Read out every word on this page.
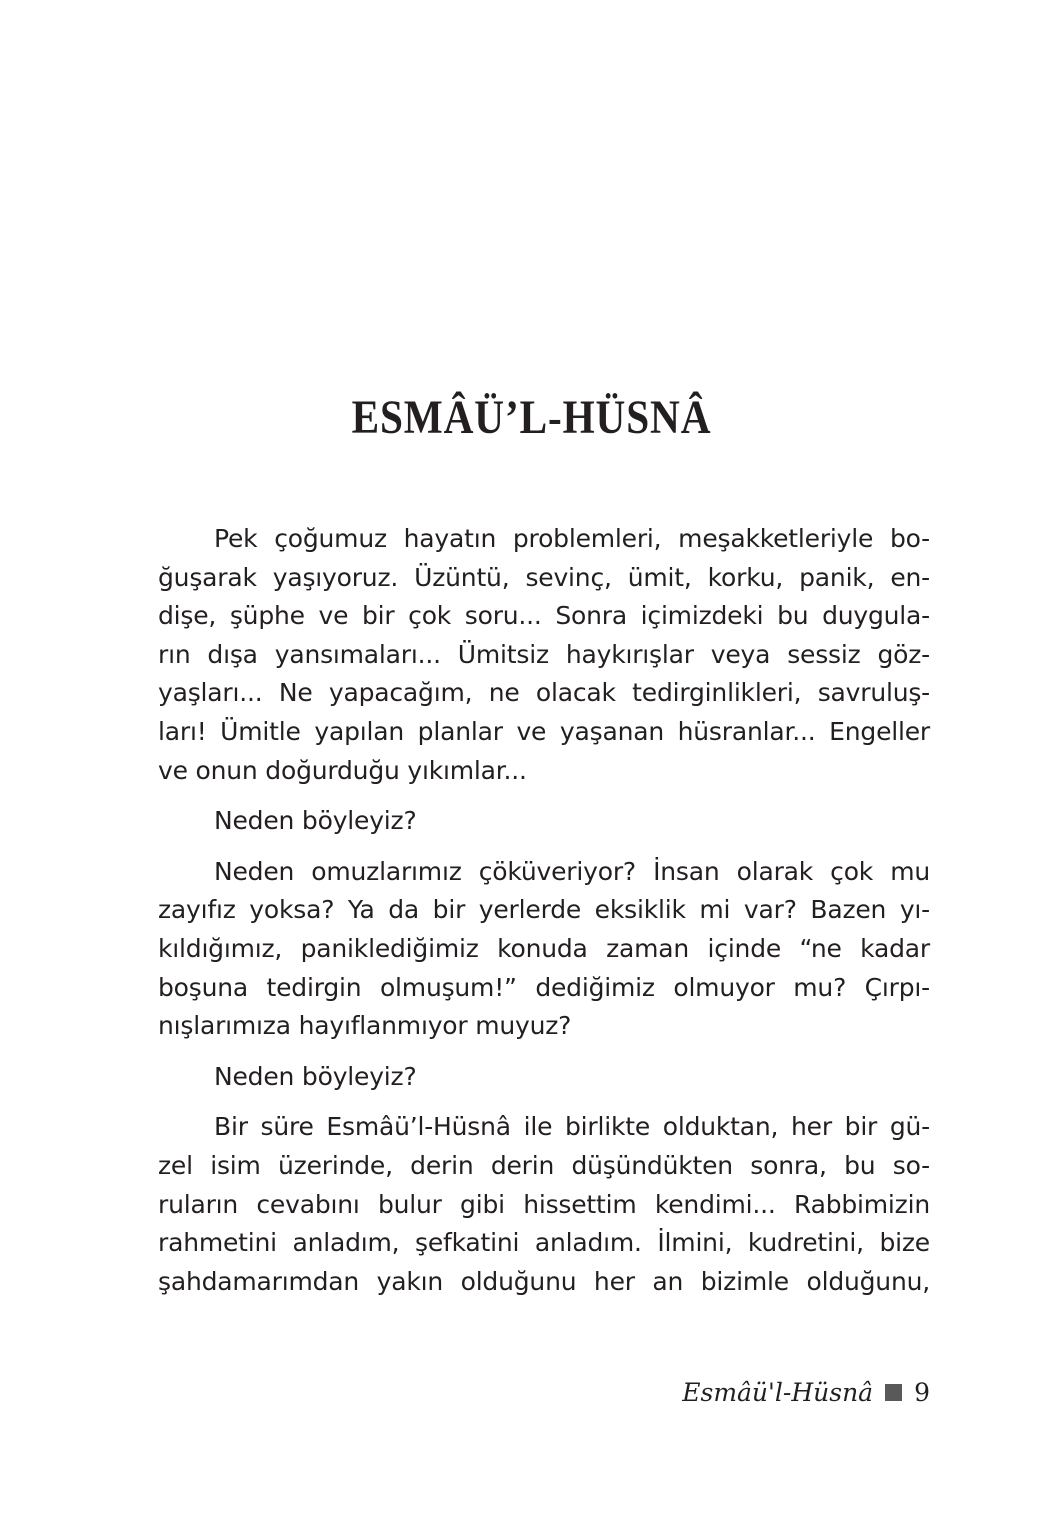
ESMÂÜ’L-HÜSNÂ

Pek çoğumuz hayatın problemleri, meşakketleriyle bo-
ğuşarak yaşıyoruz. Üzüntü, sevinç, ümit, korku, panik, en-
dişe, şüphe ve bir çok soru... Sonra içimizdeki bu duygula-
rın dışa yansımaları... Ümitsiz haykırışlar veya sessiz göz-
yaşları... Ne yapacağım, ne olacak tedirginlikleri, savruluş-
ları! Ümitle yapılan planlar ve yaşanan hüsranlar... Engeller
ve onun doğurduğu yıkımlar...

Neden böyleyiz?

Neden omuzlarımız çöküveriyor? İnsan olarak çok mu
zayıfız yoksa? Ya da bir yerlerde eksiklik mi var? Bazen yı-
kıldığımız, paniklediğimiz konuda zaman içinde “ne kadar
boşuna tedirgin olmuşum!” dediğimiz olmuyor mu? Çırpı-
nışlarımıza hayıflanmıyor muyuz?

Neden böyleyiz?

Bir süre Esmâü’l-Hüsnâ ile birlikte olduktan, her bir gü-
zel isim üzerinde, derin derin düşündükten sonra, bu so-
ruların cevabını bulur gibi hissettim kendimi... Rabbimizin
rahmetini anladım, şefkatini anladım. İlmini, kudretini, bize
şahdamarımdan yakın olduğunu her an bizimle olduğunu,

Esmâü'l-Hüsnâ 9
